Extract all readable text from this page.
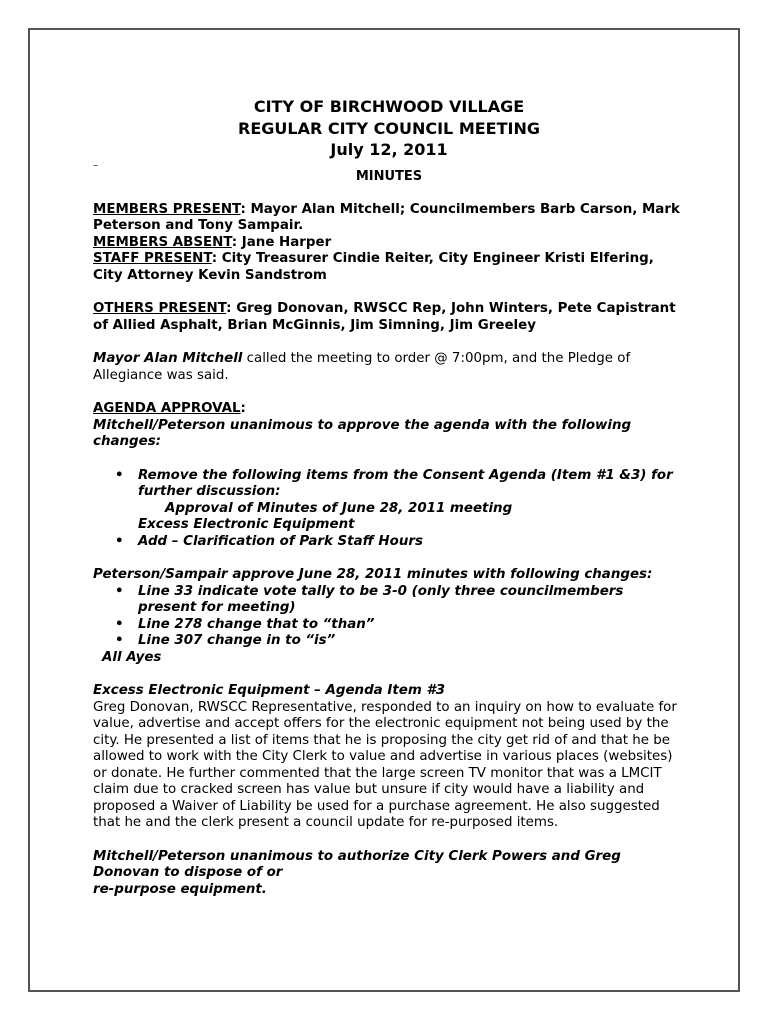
CITY OF BIRCHWOOD VILLAGE
REGULAR CITY COUNCIL MEETING
July 12, 2011
–
MINUTES

MEMBERS PRESENT: Mayor Alan Mitchell; Councilmembers Barb Carson, Mark Peterson and Tony Sampair.

MEMBERS ABSENT: Jane Harper

STAFF PRESENT: City Treasurer Cindie Reiter, City Engineer Kristi Elfering, City Attorney Kevin Sandstrom

OTHERS PRESENT: Greg Donovan, RWSCC Rep, John Winters, Pete Capistrant of Allied Asphalt, Brian McGinnis, Jim Simning, Jim Greeley

Mayor Alan Mitchell called the meeting to order @ 7:00pm, and the Pledge of Allegiance was said.

AGENDA APPROVAL:

Mitchell/Peterson unanimous to approve the agenda with the following changes:

• Remove the following items from the Consent Agenda (Item #1 &3) for further discussion:

Approval of Minutes of June 28, 2011 meeting

Excess Electronic Equipment

• Add – Clarification of Park Staff Hours

Peterson/Sampair approve June 28, 2011 minutes with following changes:

• Line 33 indicate vote tally to be 3-0 (only three councilmembers present for meeting)
• Line 278 change that to “than”
• Line 307 change in to “is”

All Ayes

Excess Electronic Equipment – Agenda Item #3

Greg Donovan, RWSCC Representative, responded to an inquiry on how to evaluate for value, advertise and accept offers for the electronic equipment not being used by the city. He presented a list of items that he is proposing the city get rid of and that he be allowed to work with the City Clerk to value and advertise in various places (websites) or donate. He further commented that the large screen TV monitor that was a LMCIT claim due to cracked screen has value but unsure if city would have a liability and proposed a Waiver of Liability be used for a purchase agreement. He also suggested that he and the clerk present a council update for re-purposed items.

Mitchell/Peterson unanimous to authorize City Clerk Powers and Greg Donovan to dispose of or

re-purpose equipment.
